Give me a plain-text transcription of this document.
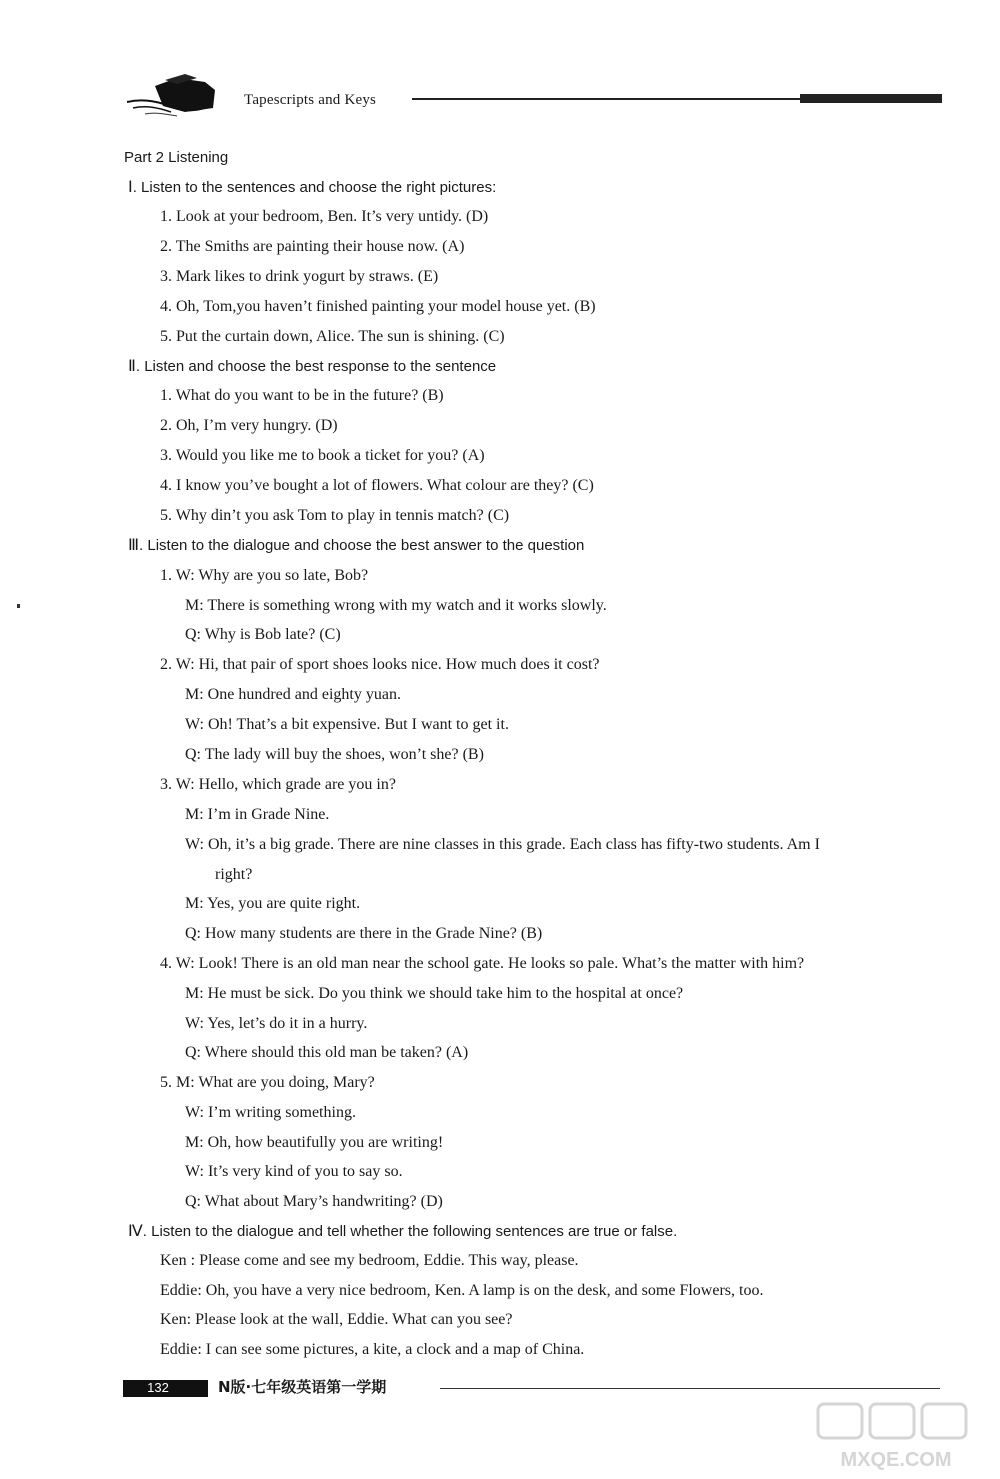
Tapescripts and Keys
Part 2 Listening
Ⅰ. Listen to the sentences and choose the right pictures:
1. Look at your bedroom, Ben. It’s very untidy. (D)
2. The Smiths are painting their house now. (A)
3. Mark likes to drink yogurt by straws. (E)
4. Oh, Tom,you haven’t finished painting your model house yet. (B)
5. Put the curtain down, Alice. The sun is shining. (C)
Ⅱ. Listen and choose the best response to the sentence
1. What do you want to be in the future? (B)
2. Oh, I’m very hungry. (D)
3. Would you like me to book a ticket for you? (A)
4. I know you’ve bought a lot of flowers. What colour are they? (C)
5. Why din’t you ask Tom to play in tennis match? (C)
Ⅲ. Listen to the dialogue and choose the best answer to the question
1. W: Why are you so late, Bob?
M: There is something wrong with my watch and it works slowly.
Q: Why is Bob late? (C)
2. W: Hi, that pair of sport shoes looks nice. How much does it cost?
M: One hundred and eighty yuan.
W: Oh! That’s a bit expensive. But I want to get it.
Q: The lady will buy the shoes, won’t she? (B)
3. W: Hello, which grade are you in?
M: I’m in Grade Nine.
W: Oh, it’s a big grade. There are nine classes in this grade. Each class has fifty-two students. Am I
right?
M: Yes, you are quite right.
Q: How many students are there in the Grade Nine? (B)
4. W: Look! There is an old man near the school gate. He looks so pale. What’s the matter with him?
M: He must be sick. Do you think we should take him to the hospital at once?
W: Yes, let’s do it in a hurry.
Q: Where should this old man be taken? (A)
5. M: What are you doing, Mary?
W: I’m writing something.
M: Oh, how beautifully you are writing!
W: It’s very kind of you to say so.
Q: What about Mary’s handwriting? (D)
Ⅳ. Listen to the dialogue and tell whether the following sentences are true or false.
Ken : Please come and see my bedroom, Eddie. This way, please.
Eddie: Oh, you have a very nice bedroom, Ken. A lamp is on the desk, and some Flowers, too.
Ken: Please look at the wall, Eddie. What can you see?
Eddie: I can see some pictures, a kite, a clock and a map of China.
132	N版·七年级英语第一学期
MXQE.COM
